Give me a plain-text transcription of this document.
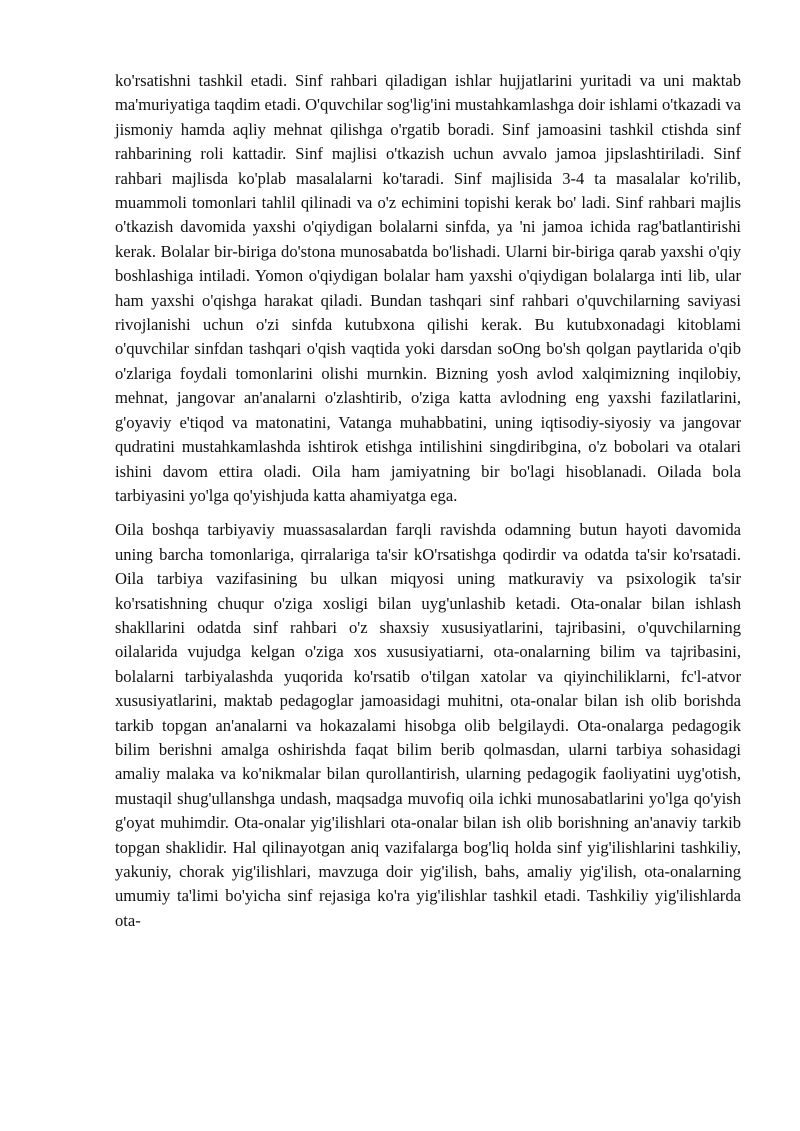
ko'rsatishni tashkil etadi. Sinf rahbari qiladigan ishlar hujjatlarini yuritadi va uni maktab ma'muriyatiga taqdim etadi. O'quvchilar sog'lig'ini mustahkamlashga doir ishlami o'tkazadi va jismoniy hamda aqliy mehnat qilishga o'rgatib boradi. Sinf jamoasini tashkil ctishda sinf rahbarining roli kattadir. Sinf majlisi o'tkazish uchun avvalo jamoa jipslashtiriladi. Sinf rahbari majlisda ko'plab masalalarni ko'taradi. Sinf majlisida 3-4 ta masalalar ko'rilib, muammoli tomonlari tahlil qilinadi va o'z echimini topishi kerak bo' ladi. Sinf rahbari majlis o'tkazish davomida yaxshi o'qiydigan bolalarni sinfda, ya 'ni jamoa ichida rag'batlantirishi kerak. Bolalar bir-biriga do'stona munosabatda bo'lishadi. Ularni bir-biriga qarab yaxshi o'qiy boshlashiga intiladi. Yomon o'qiydigan bolalar ham yaxshi o'qiydigan bolalarga inti lib, ular ham yaxshi o'qishga harakat qiladi. Bundan tashqari sinf rahbari o'quvchilarning saviyasi rivojlanishi uchun o'zi sinfda kutubxona qilishi kerak. Bu kutubxonadagi kitoblami o'quvchilar sinfdan tashqari o'qish vaqtida yoki darsdan soOng bo'sh qolgan paytlarida o'qib o'zlariga foydali tomonlarini olishi murnkin. Bizning yosh avlod xalqimizning inqilobiy, mehnat, jangovar an'analarni o'zlashtirib, o'ziga katta avlodning eng yaxshi fazilatlarini, g'oyaviy e'tiqod va matonatini, Vatanga muhabbatini, uning iqtisodiy-siyosiy va jangovar qudratini mustahkamlashda ishtirok etishga intilishini singdiribgina, o'z bobolari va otalari ishini davom ettira oladi. Oila ham jamiyatning bir bo'lagi hisoblanadi. Oilada bola tarbiyasini yo'lga qo'yishjuda katta ahamiyatga ega.

Oila boshqa tarbiyaviy muassasalardan farqli ravishda odamning butun hayoti davomida uning barcha tomonlariga, qirralariga ta'sir kO'rsatishga qodirdir va odatda ta'sir ko'rsatadi. Oila tarbiya vazifasining bu ulkan miqyosi uning matkuraviy va psixologik ta'sir ko'rsatishning chuqur o'ziga xosligi bilan uyg'unlashib ketadi. Ota-onalar bilan ishlash shakllarini odatda sinf rahbari o'z shaxsiy xususiyatlarini, tajribasini, o'quvchilarning oilalarida vujudga kelgan o'ziga xos xususiyatiarni, ota-onalarning bilim va tajribasini, bolalarni tarbiyalashda yuqorida ko'rsatib o'tilgan xatolar va qiyinchiliklarni, fc'l-atvor xususiyatlarini, maktab pedagoglar jamoasidagi muhitni, ota-onalar bilan ish olib borishda tarkib topgan an'analarni va hokazalami hisobga olib belgilaydi. Ota-onalarga pedagogik bilim berishni amalga oshirishda faqat bilim berib qolmasdan, ularni tarbiya sohasidagi amaliy malaka va ko'nikmalar bilan qurollantirish, ularning pedagogik faoliyatini uyg'otish, mustaqil shug'ullanshga undash, maqsadga muvofiq oila ichki munosabatlarini yo'lga qo'yish g'oyat muhimdir. Ota-onalar yig'ilishlari ota-onalar bilan ish olib borishning an'anaviy tarkib topgan shaklidir. Hal qilinayotgan aniq vazifalarga bog'liq holda sinf yig'ilishlarini tashkiliy, yakuniy, chorak yig'ilishlari, mavzuga doir yig'ilish, bahs, amaliy yig'ilish, ota-onalarning umumiy ta'limi bo'yicha sinf rejasiga ko'ra yig'ilishlar tashkil etadi. Tashkiliy yig'ilishlarda ota-
